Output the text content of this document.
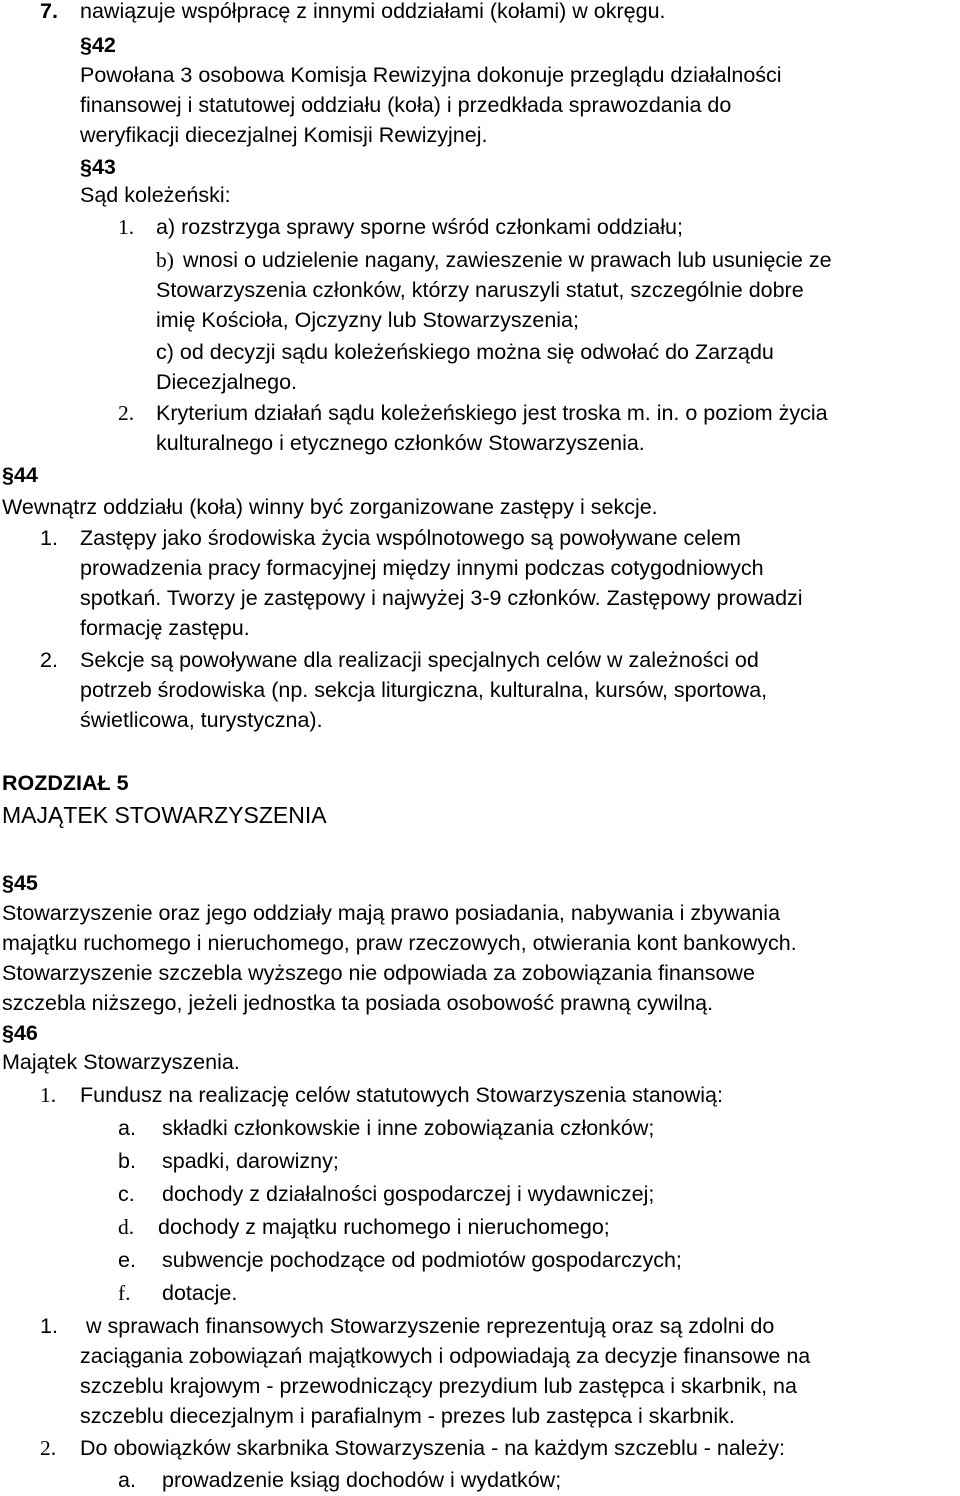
7. nawiązuje współpracę z innymi oddziałami (kołami) w okręgu.
§42
Powołana 3 osobowa Komisja Rewizyjna dokonuje przeglądu działalności
finansowej i statutowej oddziału (koła) i przedkłada sprawozdania do
weryfikacji diecezjalnej Komisji Rewizyjnej.
§43
Sąd koleżeński:
1. a) rozstrzyga sprawy sporne wśród członkami oddziału;
b) wnosi o udzielenie nagany, zawieszenie w prawach lub usunięcie ze
Stowarzyszenia członków, którzy naruszyli statut, szczególnie dobre
imię Kościoła, Ojczyzny lub Stowarzyszenia;
c) od decyzji sądu koleżeńskiego można się odwołać do Zarządu
Diecezjalnego.
2. Kryterium działań sądu koleżeńskiego jest troska m. in. o poziom życia
kulturalnego i etycznego członków Stowarzyszenia.
§44
Wewnątrz oddziału (koła) winny być zorganizowane zastępy i sekcje.
1. Zastępy jako środowiska życia wspólnotowego są powoływane celem
prowadzenia pracy formacyjnej między innymi podczas cotygodniowych
spotkań. Tworzy je zastępowy i najwyżej 3-9 członków. Zastępowy prowadzi
formację zastępu.
2. Sekcje są powoływane dla realizacji specjalnych celów w zależności od
potrzeb środowiska (np. sekcja liturgiczna, kulturalna, kursów, sportowa,
świetlicowa, turystyczna).
ROZDZIAŁ 5
MAJĄTEK STOWARZYSZENIA
§45
Stowarzyszenie oraz jego oddziały mają prawo posiadania, nabywania i zbywania
majątku ruchomego i nieruchomego, praw rzeczowych, otwierania kont bankowych.
Stowarzyszenie szczebla wyższego nie odpowiada za zobowiązania finansowe
szczebla niższego, jeżeli jednostka ta posiada osobowość prawną cywilną.
§46
Majątek Stowarzyszenia.
1. Fundusz na realizację celów statutowych Stowarzyszenia stanowią:
a. składki członkowskie i inne zobowiązania członków;
b. spadki, darowizny;
c. dochody z działalności gospodarczej i wydawniczej;
d. dochody z majątku ruchomego i nieruchomego;
e. subwencje pochodzące od podmiotów gospodarczych;
f. dotacje.
1. w sprawach finansowych Stowarzyszenie reprezentują oraz są zdolni do
zaciągania zobowiązań majątkowych i odpowiadają za decyzje finansowe na
szczeblu krajowym - przewodniczący prezydium lub zastępca i skarbnik, na
szczeblu diecezjalnym i parafialnym - prezes lub zastępca i skarbnik.
2. Do obowiązków skarbnika Stowarzyszenia - na każdym szczeblu - należy:
a. prowadzenie ksiąg dochodów i wydatków;
